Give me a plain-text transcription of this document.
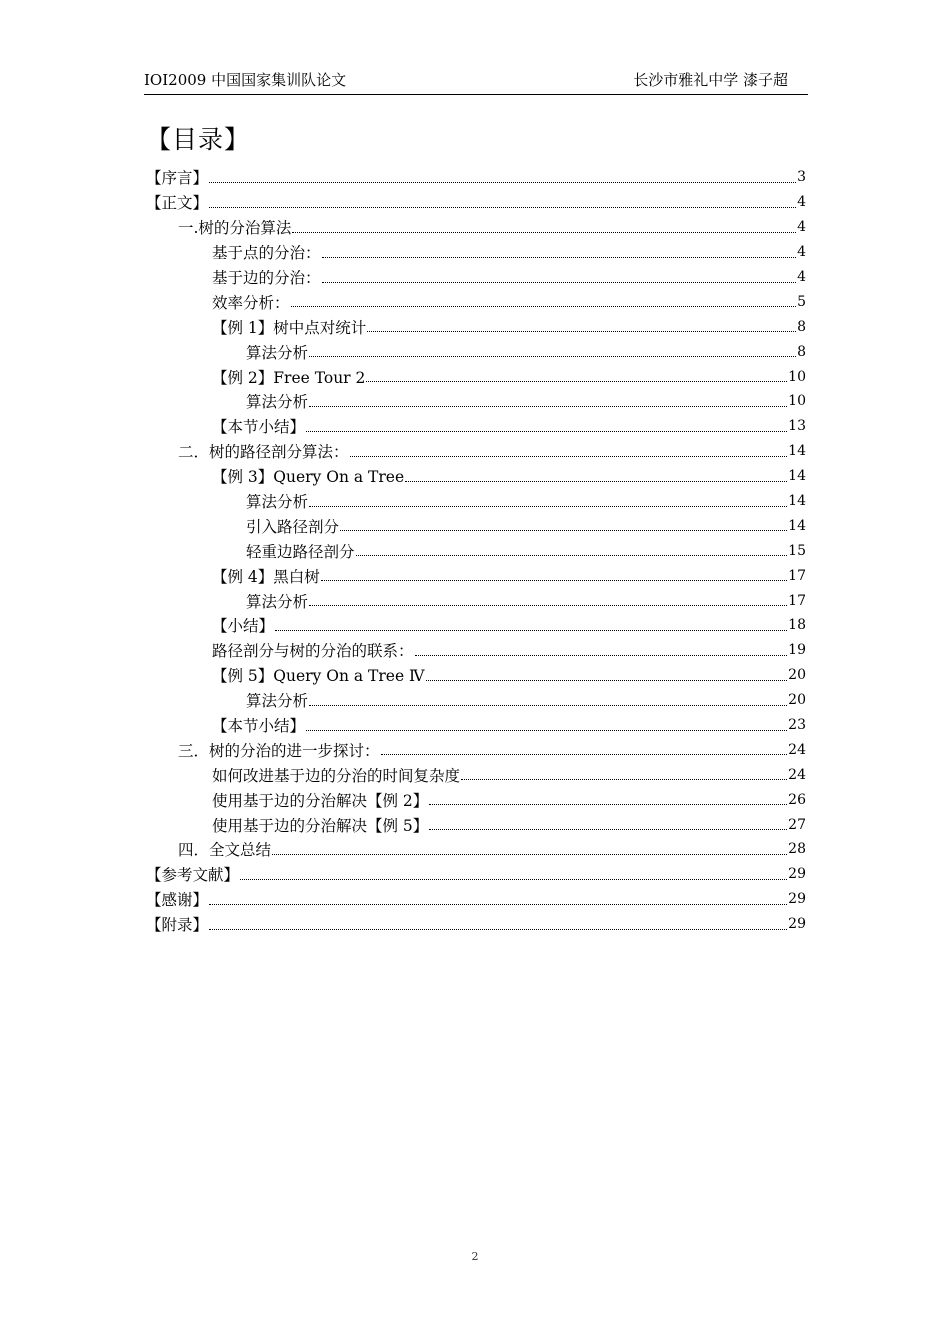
IOI2009 中国国家集训队论文	长沙市雅礼中学 漆子超
【目录】
【序言】	3
【正文】	4
一.树的分治算法	4
基于点的分治：	4
基于边的分治：	4
效率分析：	5
【例 1】树中点对统计	8
算法分析	8
【例 2】Free Tour 2	10
算法分析	10
【本节小结】	13
二．树的路径剖分算法：	14
【例 3】Query On a Tree	14
算法分析	14
引入路径剖分	14
轻重边路径剖分	15
【例 4】黑白树	17
算法分析	17
【小结】	18
路径剖分与树的分治的联系：	19
【例 5】Query On a Tree Ⅳ	20
算法分析	20
【本节小结】	23
三．树的分治的进一步探讨：	24
如何改进基于边的分治的时间复杂度	24
使用基于边的分治解决【例 2】	26
使用基于边的分治解决【例 5】	27
四．全文总结	28
【参考文献】	29
【感谢】	29
【附录】	29
2
